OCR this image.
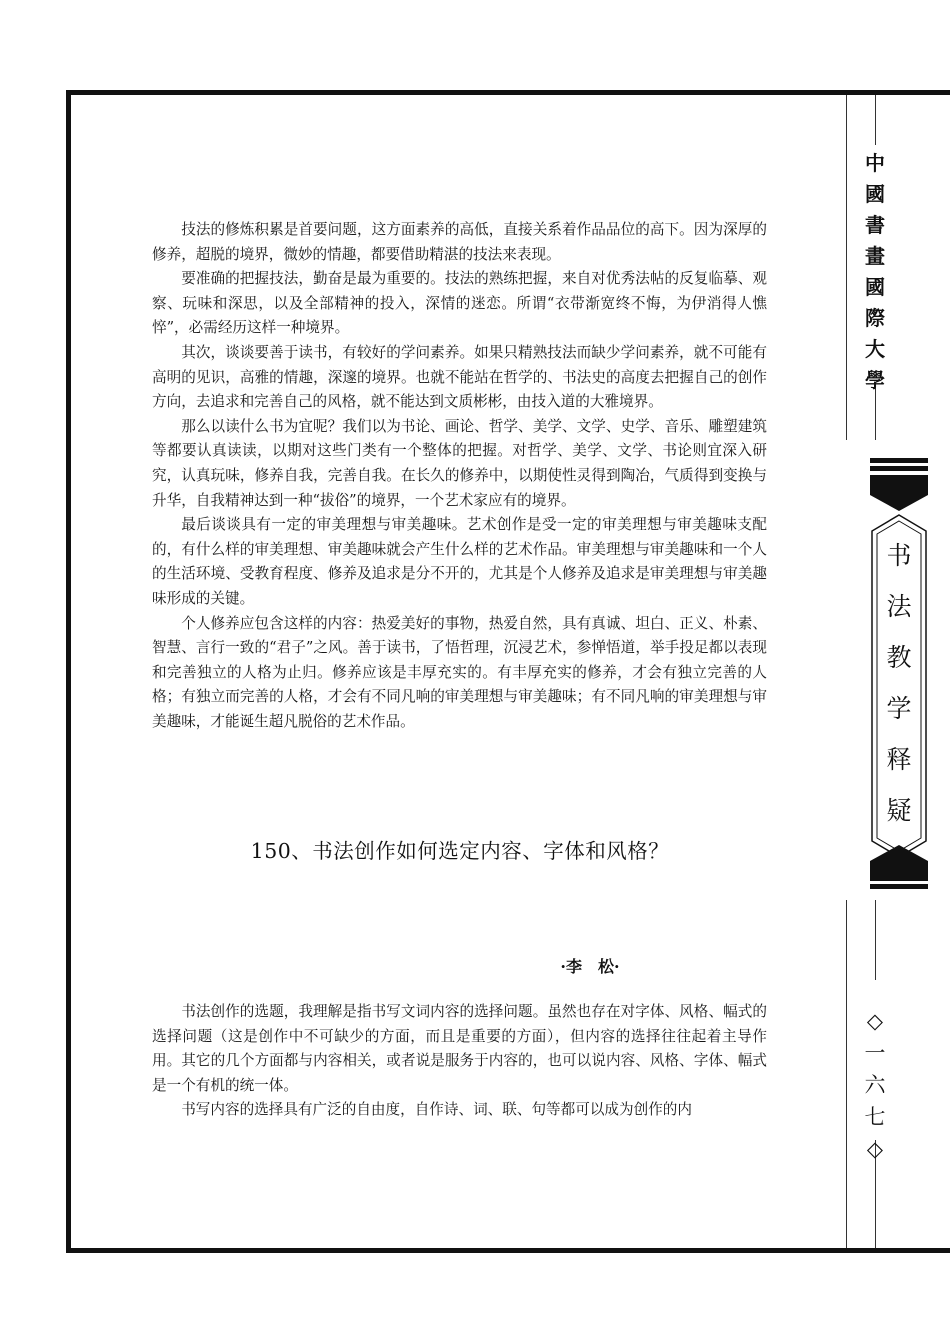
中
國
書
畫
國
際
大
學
书
法
教
学
释
疑
◇
一
六
七
◇

技法的修炼积累是首要问题，这方面素养的高低，直接关系着作品品位的高下。因为深厚的修养，超脱的境界，微妙的情趣，都要借助精湛的技法来表现。

要准确的把握技法，勤奋是最为重要的。技法的熟练把握，来自对优秀法帖的反复临摹、观察、玩味和深思，以及全部精神的投入，深情的迷恋。所谓“衣带渐宽终不悔，为伊消得人憔悴”，必需经历这样一种境界。

其次，谈谈要善于读书，有较好的学问素养。如果只精熟技法而缺少学问素养，就不可能有高明的见识，高雅的情趣，深邃的境界。也就不能站在哲学的、书法史的高度去把握自己的创作方向，去追求和完善自己的风格，就不能达到文质彬彬，由技入道的大雅境界。

那么以读什么书为宜呢？我们以为书论、画论、哲学、美学、文学、史学、音乐、雕塑建筑等都要认真读读，以期对这些门类有一个整体的把握。对哲学、美学、文学、书论则宜深入研究，认真玩味，修养自我，完善自我。在长久的修养中，以期使性灵得到陶冶，气质得到变换与升华，自我精神达到一种“拔俗”的境界，一个艺术家应有的境界。

最后谈谈具有一定的审美理想与审美趣味。艺术创作是受一定的审美理想与审美趣味支配的，有什么样的审美理想、审美趣味就会产生什么样的艺术作品。审美理想与审美趣味和一个人的生活环境、受教育程度、修养及追求是分不开的，尤其是个人修养及追求是审美理想与审美趣味形成的关键。

个人修养应包含这样的内容：热爱美好的事物，热爱自然，具有真诚、坦白、正义、朴素、智慧、言行一致的“君子”之风。善于读书，了悟哲理，沉浸艺术，参惮悟道，举手投足都以表现和完善独立的人格为止归。修养应该是丰厚充实的。有丰厚充实的修养，才会有独立完善的人格；有独立而完善的人格，才会有不同凡响的审美理想与审美趣味；有不同凡响的审美理想与审美趣味，才能诞生超凡脱俗的艺术作品。

150、书法创作如何选定内容、字体和风格？
·李　松·

书法创作的选题，我理解是指书写文词内容的选择问题。虽然也存在对字体、风格、幅式的选择问题（这是创作中不可缺少的方面，而且是重要的方面），但内容的选择往往起着主导作用。其它的几个方面都与内容相关，或者说是服务于内容的，也可以说内容、风格、字体、幅式是一个有机的统一体。

书写内容的选择具有广泛的自由度，自作诗、词、联、句等都可以成为创作的内
